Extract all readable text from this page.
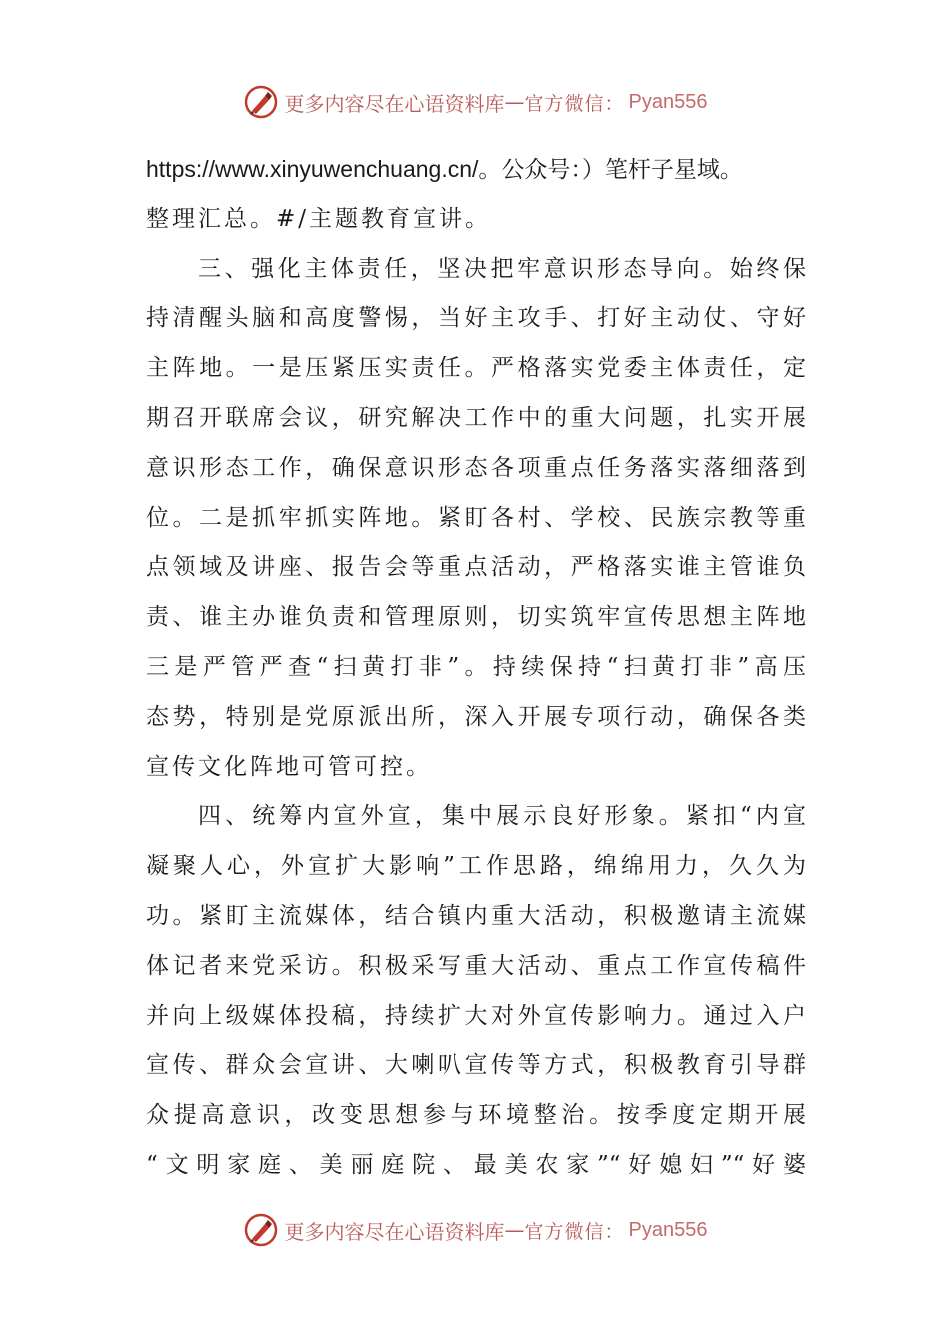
更多内容尽在心语资料库 — 官方微信： Pyan556
https://www.xinyuwenchuang.cn/。公众号：）笔杆子星域。
整理汇总。#/主题教育宣讲。
三、强化主体责任，坚决把牢意识形态导向。始终保
持清醒头脑和高度警惕，当好主攻手、打好主动仗、守好
主阵地。一是压紧压实责任。严格落实党委主体责任，定
期召开联席会议，研究解决工作中的重大问题，扎实开展
意识形态工作，确保意识形态各项重点任务落实落细落到
位。二是抓牢抓实阵地。紧盯各村、学校、民族宗教等重
点领域及讲座、报告会等重点活动，严格落实谁主管谁负
责、谁主办谁负责和管理原则，切实筑牢宣传思想主阵地
三是严管严查“扫黄打非”。持续保持“扫黄打非”高压
态势，特别是党原派出所，深入开展专项行动，确保各类
宣传文化阵地可管可控。
四、统筹内宣外宣，集中展示良好形象。紧扣“内宣
凝聚人心，外宣扩大影响”工作思路，绵绵用力，久久为
功。紧盯主流媒体，结合镇内重大活动，积极邀请主流媒
体记者来党采访。积极采写重大活动、重点工作宣传稿件
并向上级媒体投稿，持续扩大对外宣传影响力。通过入户
宣传、群众会宣讲、大喇叭宣传等方式，积极教育引导群
众提高意识，改变思想参与环境整治。按季度定期开展
“文明家庭、美丽庭院、最美农家”“好媳妇”“好婆
更多内容尽在心语资料库 — 官方微信： Pyan556
